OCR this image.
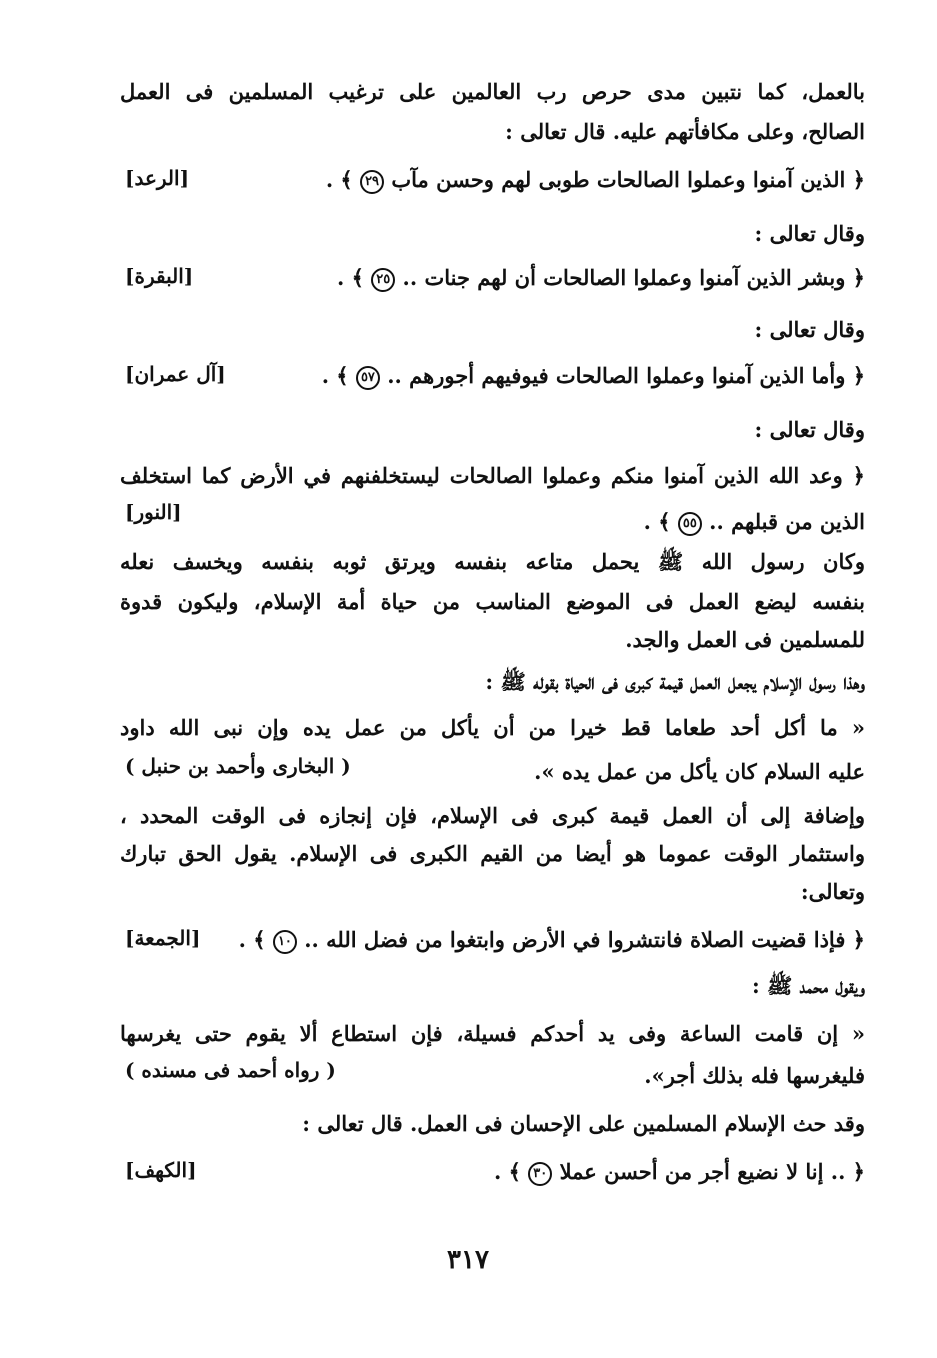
بالعمل، كما نتبين مدى حرص رب العالمين على ترغيب المسلمين فى العمل
الصالح، وعلى مكافأتهم عليه. قال تعالى :
﴿ الذين آمنوا وعملوا الصالحات طوبى لهم وحسن مآب ٢٩ ﴾ .
[الرعد]
وقال تعالى :
﴿ وبشر الذين آمنوا وعملوا الصالحات أن لهم جنات .. ٢٥ ﴾ .
[البقرة]
وقال تعالى :
﴿ وأما الذين آمنوا وعملوا الصالحات فيوفيهم أجورهم .. ٥٧ ﴾ .
[آل عمران]
وقال تعالى :
﴿ وعد الله الذين آمنوا منكم وعملوا الصالحات ليستخلفنهم في الأرض كما استخلف
الذين من قبلهم .. ٥٥ ﴾ .
[النور]
وكان رسول الله ﷺ يحمل متاعه بنفسه ويرتق ثوبه بنفسه ويخسف نعله
بنفسه ليضع العمل فى الموضع المناسب من حياة أمة الإسلام، وليكون قدوة
للمسلمين فى العمل والجد.
وهذا رسول الإسلام يجعل العمل قيمة كبرى فى الحياة بقوله ﷺ :
« ما أكل أحد طعاما قط خيرا من أن يأكل من عمل يده وإن نبى الله داود
عليه السلام كان يأكل من عمل يده ».
( البخارى وأحمد بن حنبل )
وإضافة إلى أن العمل قيمة كبرى فى الإسلام، فإن إنجازه فى الوقت المحدد ،
واستثمار الوقت عموما هو أيضا من القيم الكبرى فى الإسلام. يقول الحق تبارك
وتعالى:
﴿ فإذا قضيت الصلاة فانتشروا في الأرض وابتغوا من فضل الله .. ١٠ ﴾ .
[الجمعة]
ويقول محمد ﷺ :
« إن قامت الساعة وفى يد أحدكم فسيلة، فإن استطاع ألا يقوم حتى يغرسها
فليغرسها فله بذلك أجر».
( رواه أحمد فى مسنده )
وقد حث الإسلام المسلمين على الإحسان فى العمل. قال تعالى :
﴿ .. إنا لا نضيع أجر من أحسن عملا ٣٠ ﴾ .
[الكهف]
٣١٧
